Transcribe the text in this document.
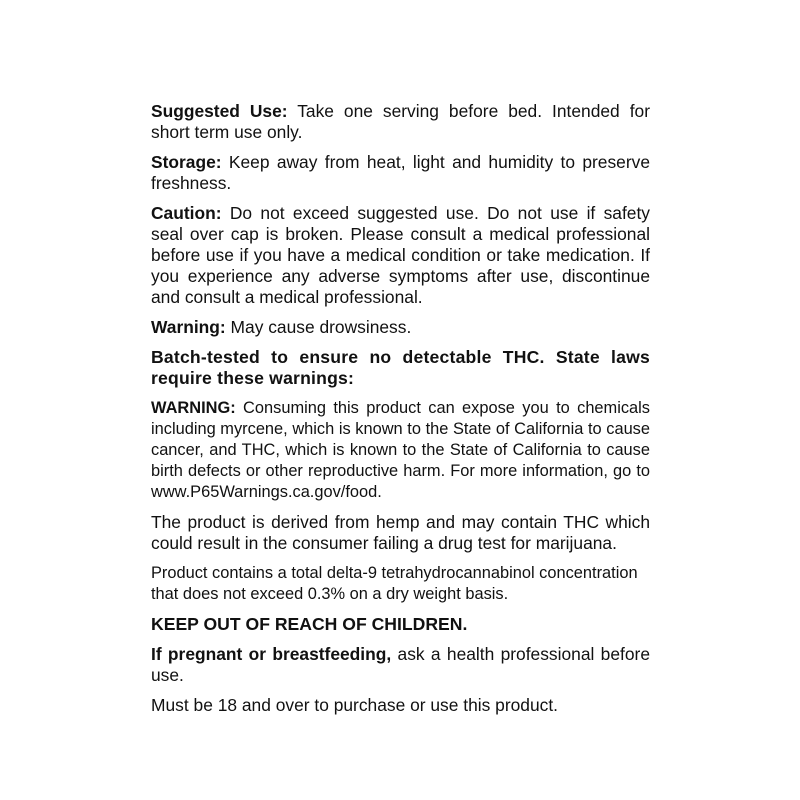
Suggested Use: Take one serving before bed. Intended for short term use only.

Storage: Keep away from heat, light and humidity to preserve freshness.

Caution: Do not exceed suggested use. Do not use if safety seal over cap is broken. Please consult a medical professional before use if you have a medical condition or take medication. If you experience any adverse symptoms after use, discontinue and consult a medical professional.

Warning: May cause drowsiness.

Batch-tested to ensure no detectable THC. State laws require these warnings:

WARNING: Consuming this product can expose you to chemicals including myrcene, which is known to the State of California to cause cancer, and THC, which is known to the State of California to cause birth defects or other reproductive harm. For more information, go to www.P65Warnings.ca.gov/food.

The product is derived from hemp and may contain THC which could result in the consumer failing a drug test for marijuana.

Product contains a total delta-9 tetrahydrocannabinol concentration that does not exceed 0.3% on a dry weight basis.

KEEP OUT OF REACH OF CHILDREN.

If pregnant or breastfeeding, ask a health professional before use.

Must be 18 and over to purchase or use this product.
